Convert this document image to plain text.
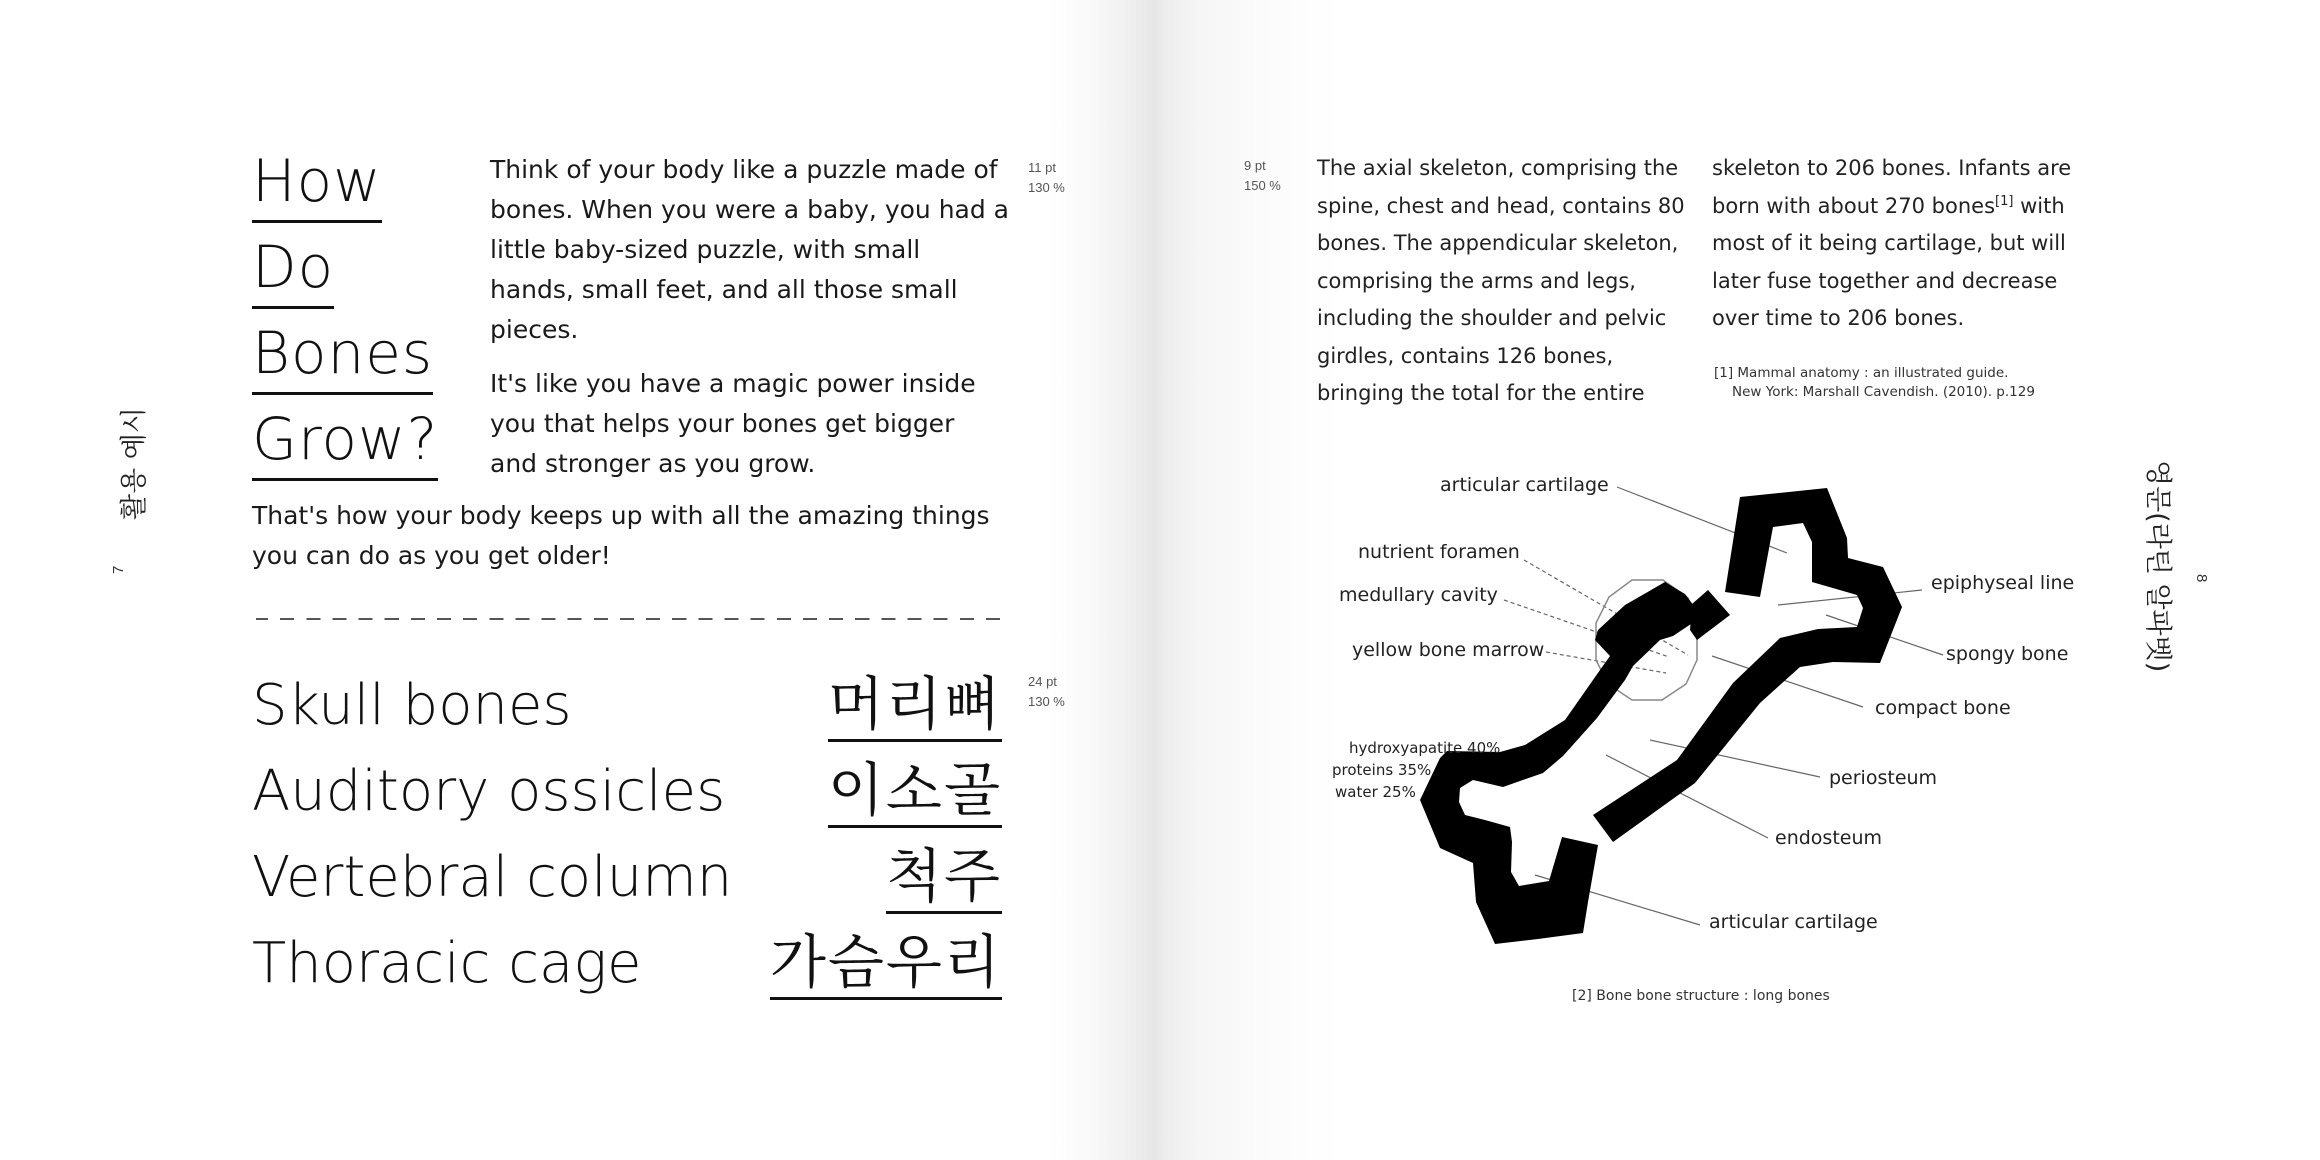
활용 예시
7
How
Do
Bones
Grow?
Think of your body like a puzzle made of bones. When you were a baby, you had a little baby-sized puzzle, with small hands, small feet, and all those small pieces.
It's like you have a magic power inside you that helps your bones get bigger and stronger as you grow.
That's how your body keeps up with all the amazing things you can do as you get older!
11 pt
130 %
24 pt
130 %
Skull bones	머리뼈
Auditory ossicles 이소골
Vertebral column	척주
Thoracic cage 가슴우리
9 pt
150 %
The axial skeleton, comprising the spine, chest and head, contains 80 bones. The appendicular skeleton, comprising the arms and legs, including the shoulder and pelvic girdles, contains 126 bones, bringing the total for the entire
skeleton to 206 bones. Infants are born with about 270 bones[1] with most of it being cartilage, but will later fuse together and decrease over time to 206 bones.
[1] Mammal anatomy : an illustrated guide.
New York: Marshall Cavendish. (2010). p.129
영문(라틴 알파벳)	8
articular cartilage
nutrient foramen
medullary cavity
yellow bone marrow
epiphyseal line
spongy bone
compact bone
periosteum
endosteum
articular cartilage
hydroxyapatite 40%
proteins 35%
water 25%
[2] Bone bone structure : long bones
